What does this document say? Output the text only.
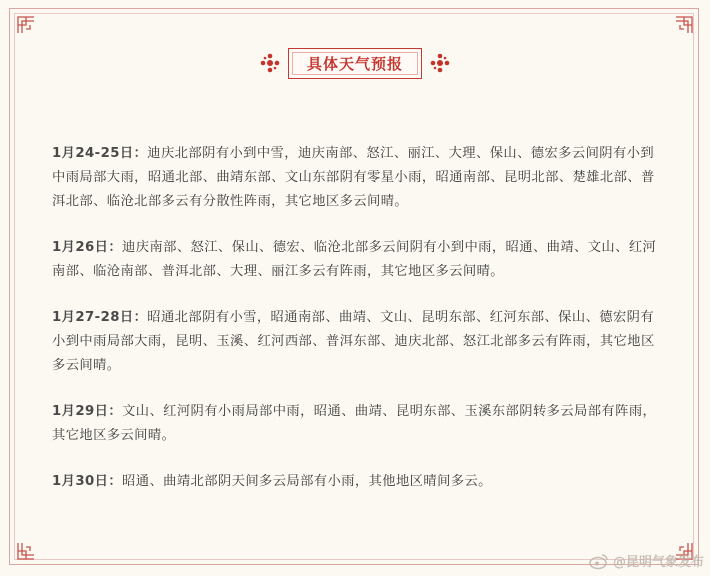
具体天气预报

1月24-25日：迪庆北部阴有小到中雪，迪庆南部、怒江、丽江、大理、保山、德宏多云间阴有小到中雨局部大雨，昭通北部、曲靖东部、文山东部阴有零星小雨，昭通南部、昆明北部、楚雄北部、普洱北部、临沧北部多云有分散性阵雨，其它地区多云间晴。

1月26日：迪庆南部、怒江、保山、德宏、临沧北部多云间阴有小到中雨，昭通、曲靖、文山、红河南部、临沧南部、普洱北部、大理、丽江多云有阵雨，其它地区多云间晴。

1月27-28日：昭通北部阴有小雪，昭通南部、曲靖、文山、昆明东部、红河东部、保山、德宏阴有小到中雨局部大雨，昆明、玉溪、红河西部、普洱东部、迪庆北部、怒江北部多云有阵雨，其它地区多云间晴。

1月29日：文山、红河阴有小雨局部中雨，昭通、曲靖、昆明东部、玉溪东部阴转多云局部有阵雨，其它地区多云间晴。

1月30日：昭通、曲靖北部阴天间多云局部有小雨，其他地区晴间多云。

@昆明气象发布
